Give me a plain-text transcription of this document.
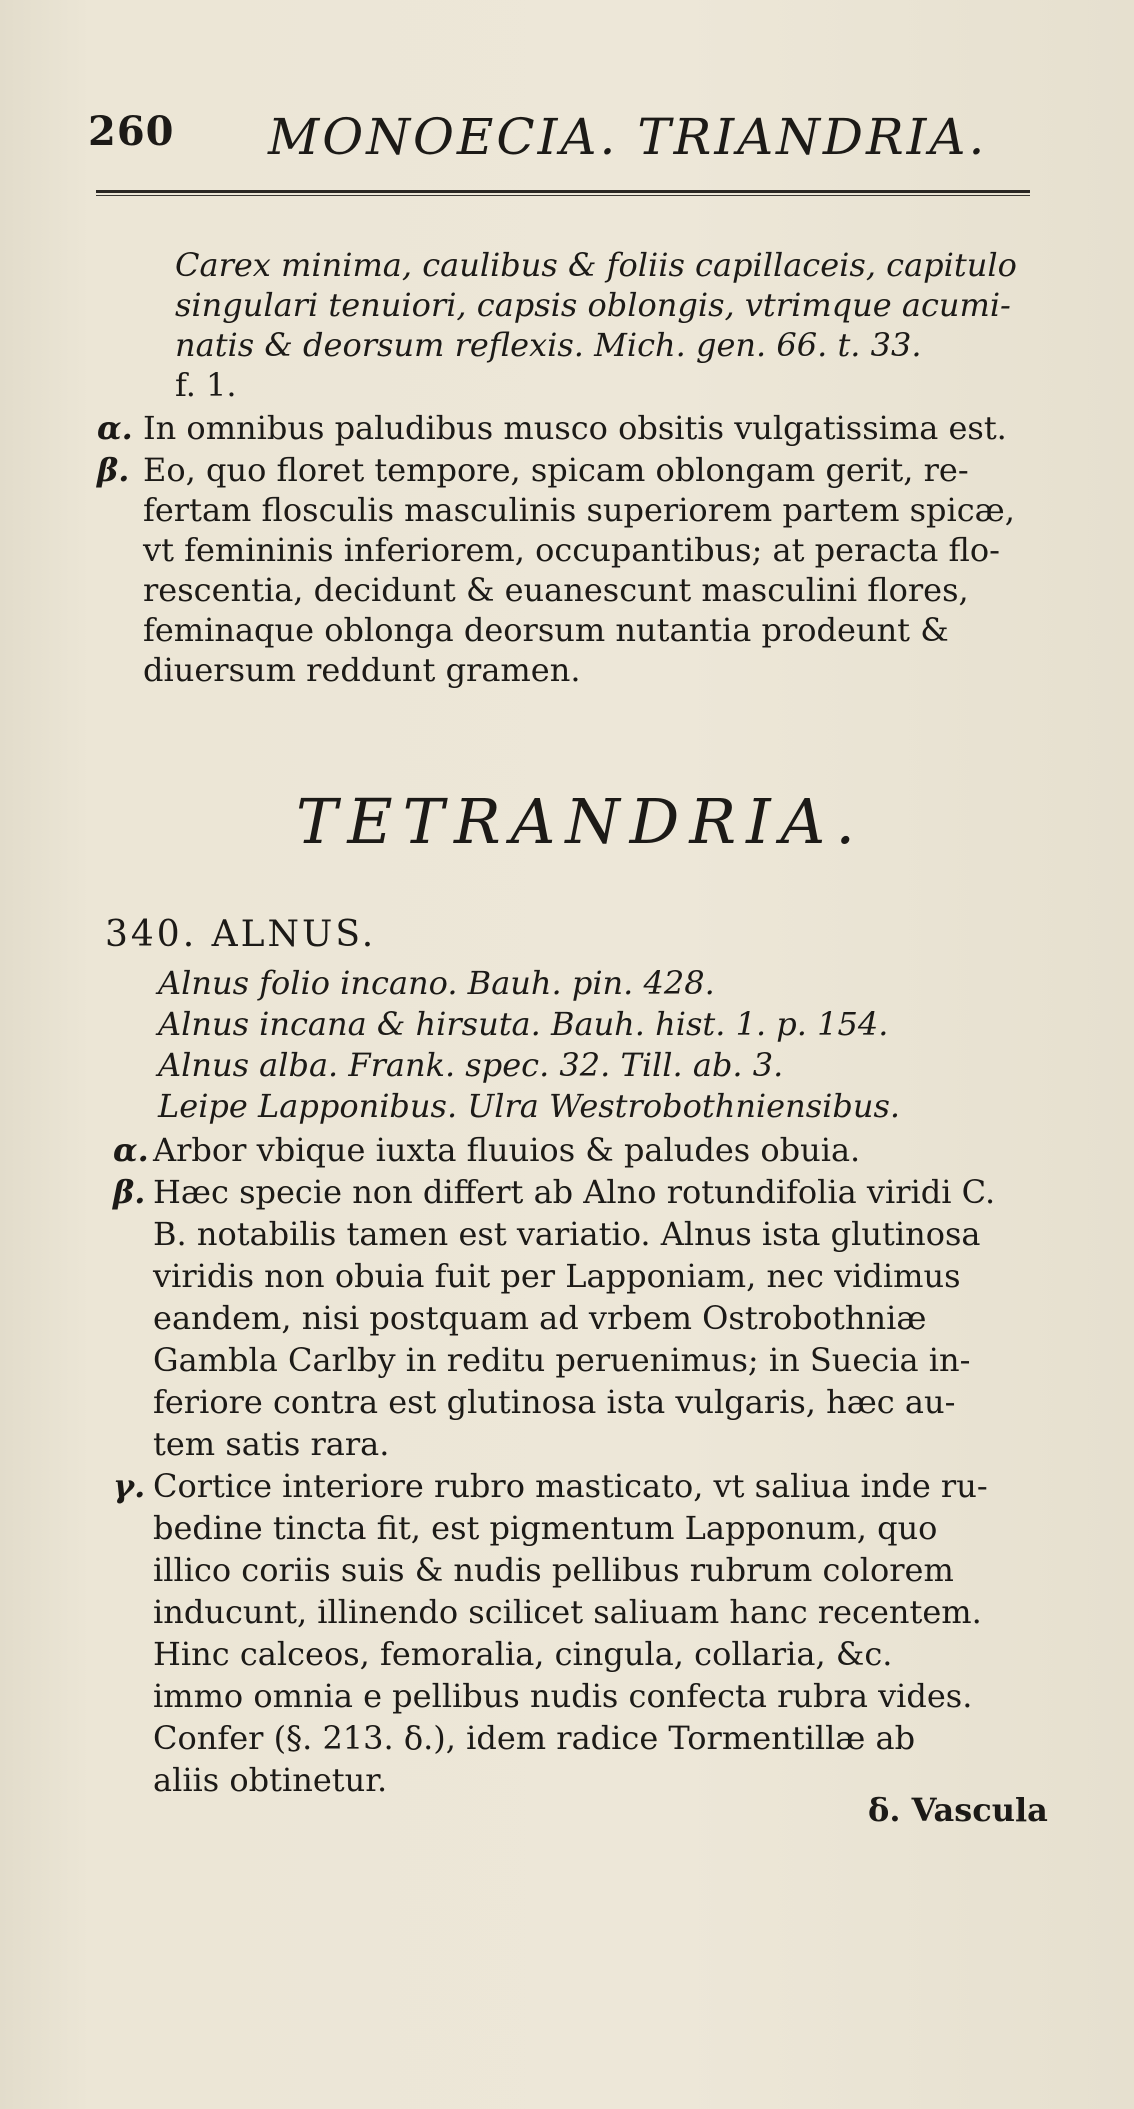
260 MONOECIA. TRIANDRIA.
Carex minima, caulibus & foliis capillaceis, capitulo
singulari tenuiori, capsis oblongis, vtrimque acumi-
natis & deorsum reflexis. Mich. gen. 66. t. 33.
f. 1.
α. In omnibus paludibus musco obsitis vulgatissima est.
β. Eo, quo floret tempore, spicam oblongam gerit, re-
fertam flosculis masculinis superiorem partem spicæ,
vt femininis inferiorem, occupantibus; at peracta flo-
rescentia, decidunt & euanescunt masculini flores,
feminaque oblonga deorsum nutantia prodeunt &
diuersum reddunt gramen.
TETRANDRIA.
340. ALNUS.
Alnus folio incano. Bauh. pin. 428.
Alnus incana & hirsuta. Bauh. hist. 1. p. 154.
Alnus alba. Frank. spec. 32. Till. ab. 3.
Leipe Lapponibus. Ulra Westrobothniensibus.
α. Arbor vbique iuxta fluuios & paludes obuia.
β. Hæc specie non differt ab Alno rotundifolia viridi C.
B. notabilis tamen est variatio. Alnus ista glutinosa
viridis non obuia fuit per Lapponiam, nec vidimus
eandem, nisi postquam ad vrbem Ostrobothniæ
Gambla Carlby in reditu peruenimus; in Suecia in-
feriore contra est glutinosa ista vulgaris, hæc au-
tem satis rara.
γ. Cortice interiore rubro masticato, vt saliua inde ru-
bedine tincta fit, est pigmentum Lapponum, quo
illico coriis suis & nudis pellibus rubrum colorem
inducunt, illinendo scilicet saliuam hanc recentem.
Hinc calceos, femoralia, cingula, collaria, &c.
immo omnia e pellibus nudis confecta rubra vides.
Confer (§. 213. δ.), idem radice Tormentillæ ab
aliis obtinetur.
δ. Vascula
